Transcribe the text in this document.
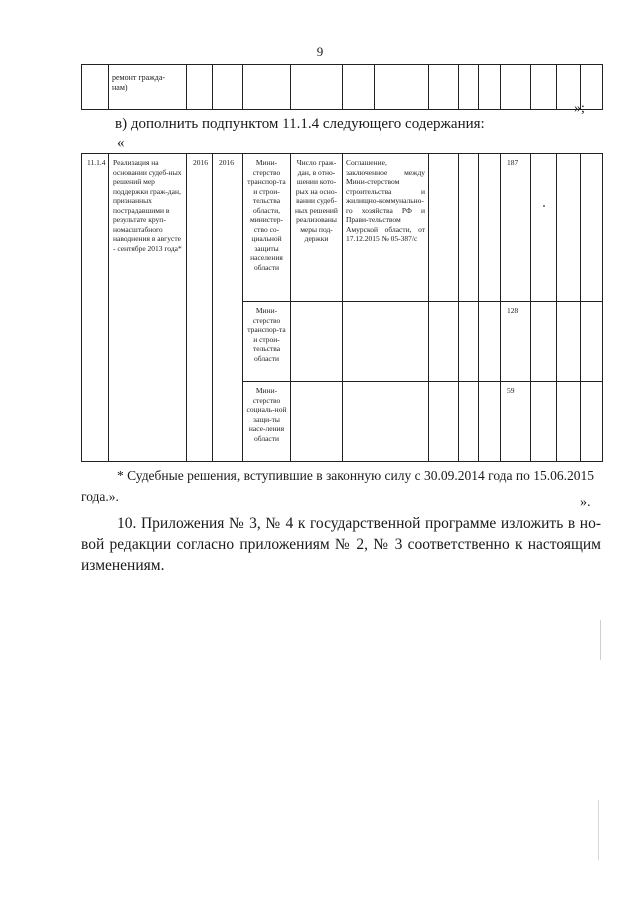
9
	ремонт гражда-
нам)													
»;
в) дополнить подпунктом 11.1.4 следующего содержания:
«
11.1.4	Реализация на основании судеб-ных решений мер поддержки граж-дан, признанных пострадавшими в результате круп-номасштабного наводнения в августе - сентябре 2013 года*	2016	2016	Мини-стерство транспор-та и строи-тельства области, министер-ство со-циальной защиты населения области	Число граж-дан, в отно-шении кото-рых на осно-вании судеб-ных решений реализованы меры под-держки	Соглашение, заключенное между Мини-стерством строительства и жилищно-коммунально-го хозяйства РФ и Прави-тельством Амурской области, от 17.12.2015 № 05-387/с				187			
				Мини-стерство транспор-та и строи-тельства области						128			
				Мини-стерство социаль-ной защи-ты насе-ления области						59			
* Судебные решения, вступившие в законную силу с 30.09.2014 года по 15.06.2015 года.».	».
10. Приложения № 3, № 4 к государственной программе изложить в но-вой редакции согласно приложениям № 2, № 3 соответственно к настоящим изменениям.
